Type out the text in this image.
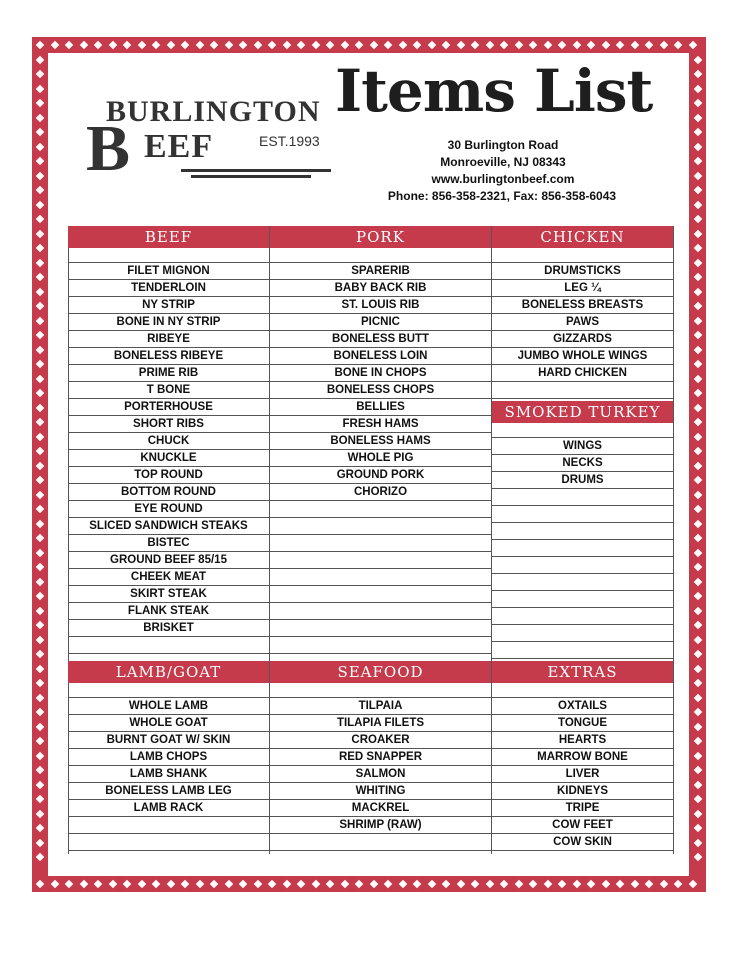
Items List
B
BURLINGTON
EEF	EST.1993	30 Burlington Road
Monroeville, NJ 08343
www.burlingtonbeef.com
Phone: 856-358-2321, Fax: 856-358-6043
BEEF
FILET MIGNON
TENDERLOIN
NY STRIP
BONE IN NY STRIP
RIBEYE
BONELESS RIBEYE
PRIME RIB
T BONE
PORTERHOUSE
SHORT RIBS
CHUCK
KNUCKLE
TOP ROUND
BOTTOM ROUND
EYE ROUND
SLICED SANDWICH STEAKS
BISTEC
GROUND BEEF 85/15
CHEEK MEAT
SKIRT STEAK
FLANK STEAK
BRISKET
PORK
SPARERIB
BABY BACK RIB
ST. LOUIS RIB
PICNIC
BONELESS BUTT
BONELESS LOIN
BONE IN CHOPS
BONELESS CHOPS
BELLIES
FRESH HAMS
BONELESS HAMS
WHOLE PIG
GROUND PORK
CHORIZO
CHICKEN
DRUMSTICKS
LEG ¼
BONELESS BREASTS
PAWS
GIZZARDS
JUMBO WHOLE WINGS
HARD CHICKEN
SMOKED TURKEY
WINGS
NECKS
DRUMS
LAMB/GOAT
WHOLE LAMB
WHOLE GOAT
BURNT GOAT W/ SKIN
LAMB CHOPS
LAMB SHANK
BONELESS LAMB LEG
LAMB RACK
SEAFOOD
TILPAIA
TILAPIA FILETS
CROAKER
RED SNAPPER
SALMON
WHITING
MACKREL
SHRIMP (RAW)
EXTRAS
OXTAILS
TONGUE
HEARTS
MARROW BONE
LIVER
KIDNEYS
TRIPE
COW FEET
COW SKIN
